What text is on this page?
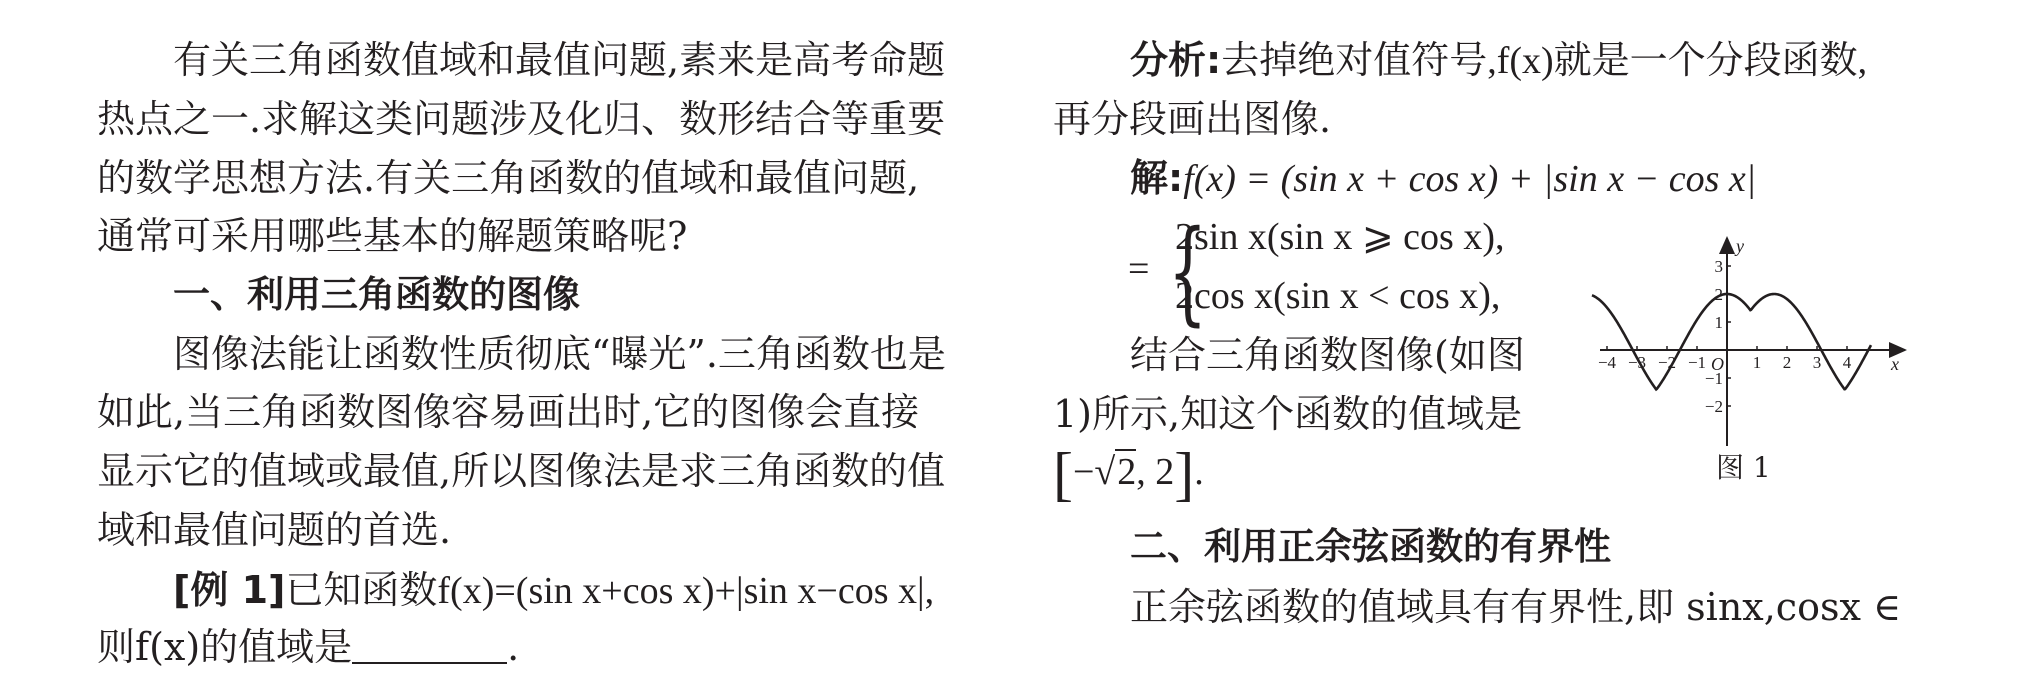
有关三角函数值域和最值问题,素来是高考命题
热点之一.求解这类问题涉及化归、数形结合等重要
的数学思想方法.有关三角函数的值域和最值问题,
通常可采用哪些基本的解题策略呢?
一、利用三角函数的图像
图像法能让函数性质彻底“曝光”.三角函数也是
如此,当三角函数图像容易画出时,它的图像会直接
显示它的值域或最值,所以图像法是求三角函数的值
域和最值问题的首选.
[例 1]已知函数f(x)=(sin x+cos x)+|sin x−cos x|,
则f(x)的值域是	.
分析:去掉绝对值符号,f(x)就是一个分段函数,
再分段画出图像.
解:f(x) = (sin x + cos x) + |sin x − cos x|
= {
2sin x(sin x ⩾ cos x),
2cos x(sin x < cos x),
结合三角函数图像(如图
1)所示,知这个函数的值域是
[−√2, 2].
二、利用正余弦函数的有界性
正余弦函数的值域具有有界性,即 sinx,cosx ∈
y
x
O
−4 −3 −2 −1	1 2 3 4
3
2
1
−1
−2
图 1
